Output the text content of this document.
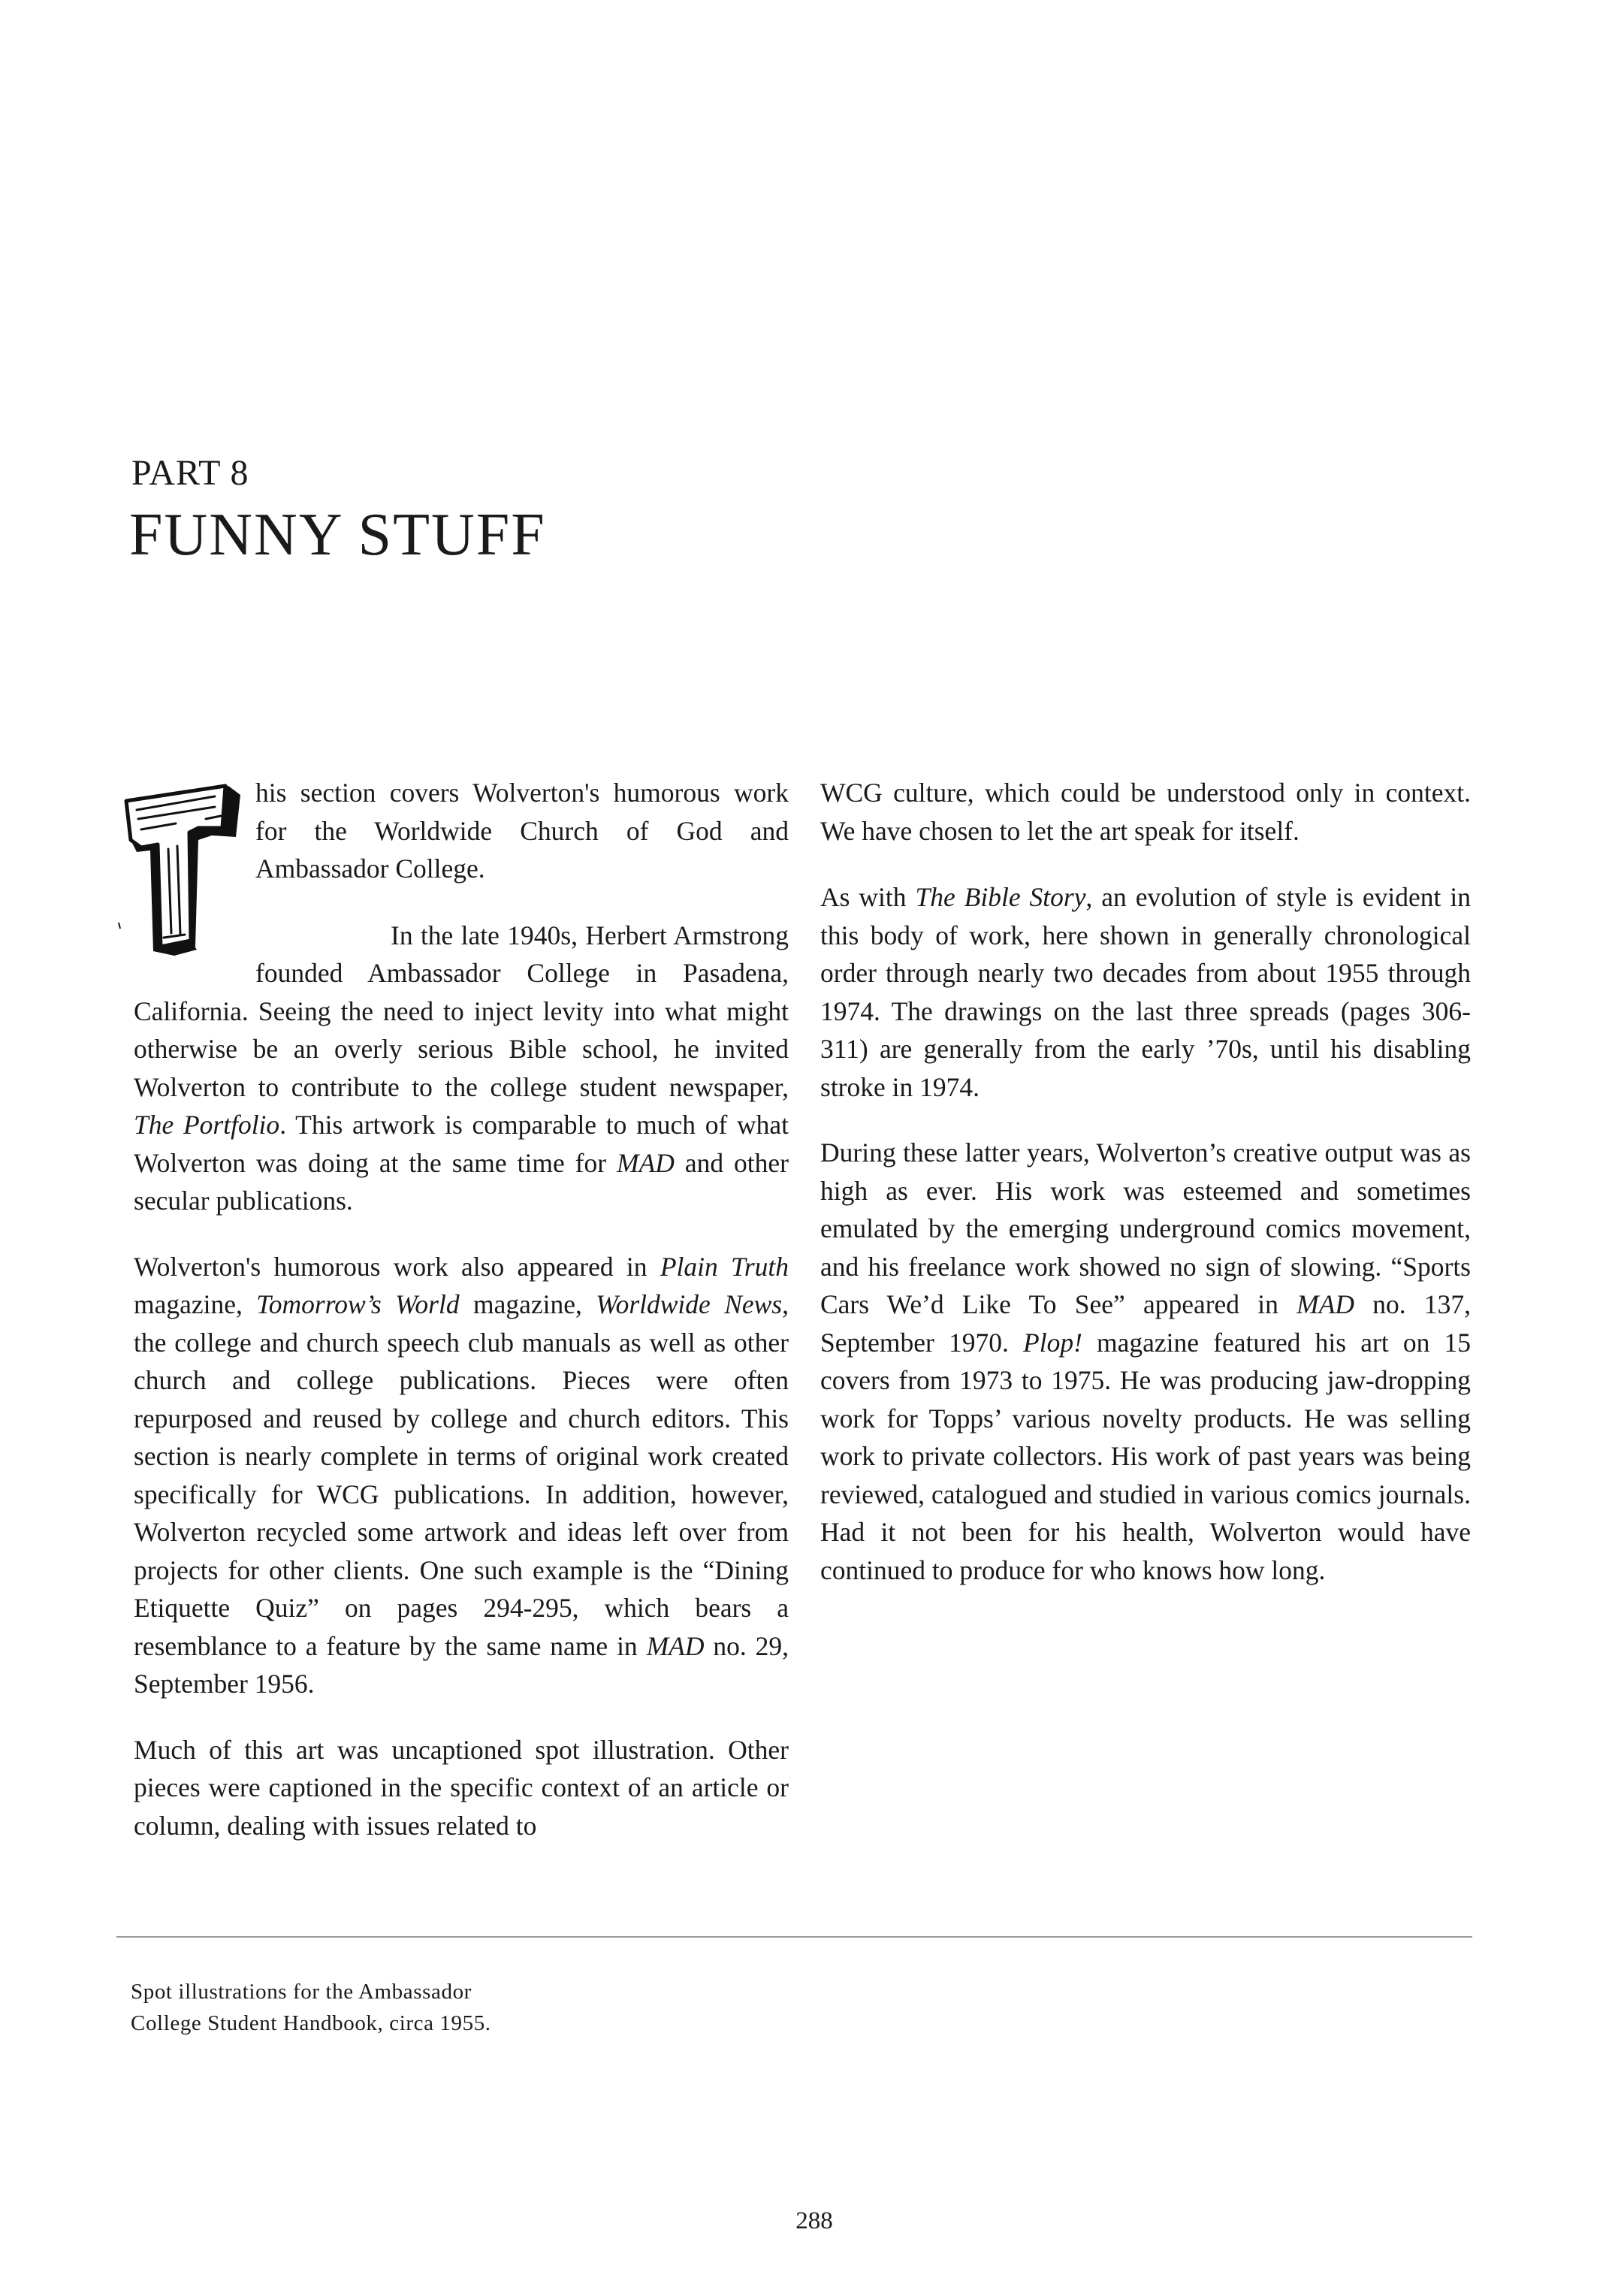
PART 8
FUNNY STUFF

his section covers Wolverton's humorous work for the Worldwide Church of God and Ambassador College.

In the late 1940s, Herbert Armstrong founded Ambassador College in Pasadena, California. Seeing the need to inject levity into what might otherwise be an overly serious Bible school, he invited Wolverton to contribute to the college student newspaper, The Portfolio. This artwork is comparable to much of what Wolverton was doing at the same time for MAD and other secular publications.

Wolverton's humorous work also appeared in Plain Truth magazine, Tomorrow’s World magazine, Worldwide News, the college and church speech club manuals as well as other church and college publications. Pieces were often repurposed and reused by college and church editors. This section is nearly complete in terms of original work created specifically for WCG publications. In addition, however, Wolverton recycled some artwork and ideas left over from projects for other clients. One such example is the “Dining Etiquette Quiz” on pages 294-295, which bears a resemblance to a feature by the same name in MAD no. 29, September 1956.

Much of this art was uncaptioned spot illustration. Other pieces were captioned in the specific context of an article or column, dealing with issues related to

WCG culture, which could be understood only in context. We have chosen to let the art speak for itself.

As with The Bible Story, an evolution of style is evident in this body of work, here shown in generally chronological order through nearly two decades from about 1955 through 1974. The drawings on the last three spreads (pages 306-311) are generally from the early ’70s, until his disabling stroke in 1974.

During these latter years, Wolverton’s creative output was as high as ever. His work was esteemed and sometimes emulated by the emerging underground comics movement, and his freelance work showed no sign of slowing. “Sports Cars We’d Like To See” appeared in MAD no. 137, September 1970. Plop! magazine featured his art on 15 covers from 1973 to 1975. He was producing jaw-dropping work for Topps’ various novelty products. He was selling work to private collectors. His work of past years was being reviewed, catalogued and studied in various comics journals. Had it not been for his health, Wolverton would have continued to produce for who knows how long.

Spot illustrations for the Ambassador
College Student Handbook, circa 1955.
288
